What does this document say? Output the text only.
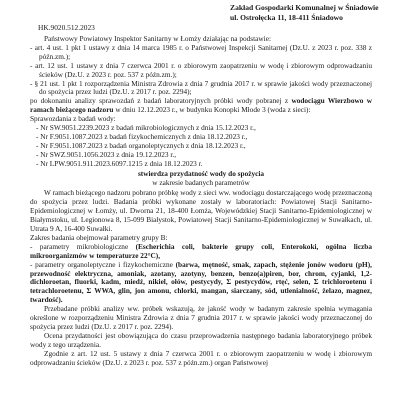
Zakład Gospodarki Komunalnej w Śniadowie
ul. Ostrołęcka 11, 18-411 Śniadowo
HK.9020.512.2023

Państwowy Powiatowy Inspektor Sanitarny w Łomży działając na podstawie:

- art. 4 ust. 1 pkt 1 ustawy z dnia 14 marca 1985 r. o Państwowej Inspekcji Sanitarnej (Dz.U. z 2023 r. poz. 338 z późn.zm.);

- art. 12 ust. 1 ustawy z dnia 7 czerwca 2001 r. o zbiorowym zaopatrzeniu w wodę i zbiorowym odprowadzaniu ścieków (Dz.U. z 2023 r. poz. 537 z późn.zm.);

- § 21 ust. 1 pkt 1 rozporządzenia Ministra Zdrowia z dnia 7 grudnia 2017 r. w sprawie jakości wody przeznaczonej do spożycia przez ludzi (Dz.U. z 2017 r. poz. 2294);

po dokonaniu analizy sprawozdań z badań laboratoryjnych próbki wody pobranej z wodociągu Wierzbowo w ramach bieżącego nadzoru w dniu 12.12.2023 r., w budynku Konopki Młode 3 (woda z sieci):

Sprawozdania z badań wody:

- Nr SW.9051.2239.2023 z badań mikrobiologicznych z dnia 15.12.2023 r.,
- Nr F.9051.1087.2023 z badań fizykochemicznych z dnia 18.12.2023 r.,
- Nr F.9051.1087.2023 z badań organoleptycznych z dnia 18.12.2023 r.,
- Nr SWZ.9051.1056.2023 z dnia 19.12.2023 r.,
- Nr LPW.9051.911.2023.6097.1215 z dnia 18.12.2023 r.
stwierdza przydatność wody do spożycia
w zakresie badanych parametrów

W ramach bieżącego nadzoru pobrano próbkę wody z sieci ww. wodociągu dostarczającego wodę przeznaczoną do spożycia przez ludzi. Badania próbki wykonane zostały w laboratoriach: Powiatowej Stacji Sanitarno-Epidemiologicznej w Łomży, ul. Dworna 21, 18-400 Łomża, Wojewódzkiej Stacji Sanitarno-Epidemiologicznej w Białymstoku, ul. Legionowa 8, 15-099 Białystok, Powiatowej Stacji Sanitarno-Epidemiologicznej w Suwałkach, ul. Utrata 9 A, 16-400 Suwałki.

Zakres badania obejmował parametry grupy B:

- parametry mikrobiologiczne (Escherichia coli, bakterie grupy coli, Enterokoki, ogólna liczba mikroorganizmów w temperaturze 22°C),

- parametry organoleptyczne i fizykochemiczne (barwa, mętność, smak, zapach, stężenie jonów wodoru (pH), przewodność elektryczna, amoniak, azotany, azotyny, benzen, benzo(a)piren, bor, chrom, cyjanki, 1,2-dichloroetan, fluorki, kadm, miedź, nikiel, ołów, pestycydy, Σ pestycydów, rtęć, selen, Σ trichloroetenu i tetrachloroetenu, Σ WWA, glin, jon amonu, chlorki, mangan, siarczany, sód, utlenialność, żelazo, magnez, twardość).

Przebadane próbki analizy ww. próbek wskazują, że jakość wody w badanym zakresie spełnia wymagania określone w rozporządzeniu Ministra Zdrowia z dnia 7 grudnia 2017 r. w sprawie jakości wody przeznaczonej do spożycia przez ludzi (Dz.U. z 2017 r. poz. 2294).

Ocena przydatności jest obowiązująca do czasu przeprowadzenia następnego badania laboratoryjnego próbek wody z tego urządzenia.

Zgodnie z art. 12 ust. 5 ustawy z dnia 7 czerwca 2001 r. o zbiorowym zaopatrzeniu w wodę i zbiorowym odprowadzaniu ścieków (Dz.U. z 2023 r. poz. 537 z późn.zm.) organ Państwowej
